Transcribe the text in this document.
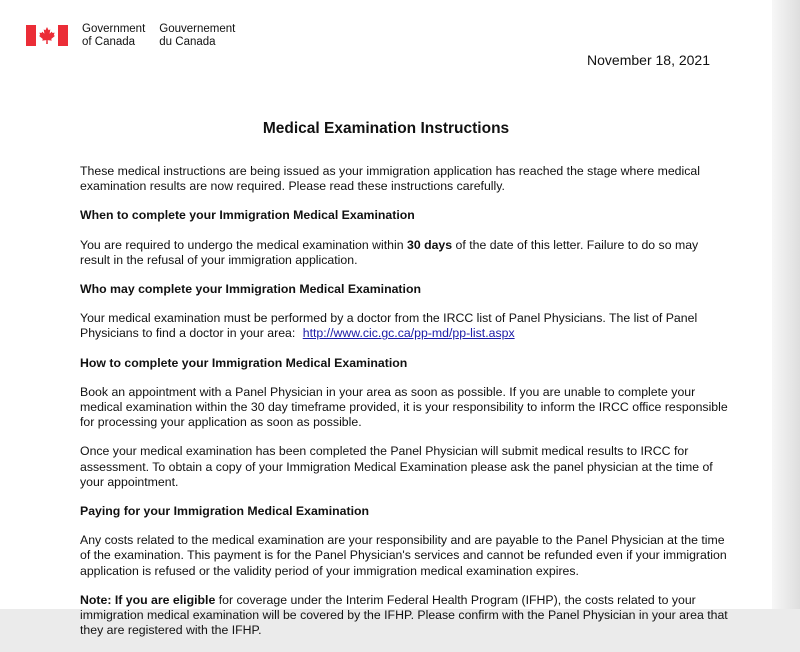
Government
of Canada
Gouvernement
du Canada
November 18, 2021
Medical Examination Instructions

These medical instructions are being issued as your immigration application has reached the stage where medical examination results are now required. Please read these instructions carefully.

When to complete your Immigration Medical Examination

You are required to undergo the medical examination within 30 days of the date of this letter. Failure to do so may result in the refusal of your immigration application.

Who may complete your Immigration Medical Examination

Your medical examination must be performed by a doctor from the IRCC list of Panel Physicians. The list of Panel Physicians to find a doctor in your area: http://www.cic.gc.ca/pp-md/pp-list.aspx

How to complete your Immigration Medical Examination

Book an appointment with a Panel Physician in your area as soon as possible. If you are unable to complete your medical examination within the 30 day timeframe provided, it is your responsibility to inform the IRCC office responsible for processing your application as soon as possible.

Once your medical examination has been completed the Panel Physician will submit medical results to IRCC for assessment. To obtain a copy of your Immigration Medical Examination please ask the panel physician at the time of your appointment.

Paying for your Immigration Medical Examination

Any costs related to the medical examination are your responsibility and are payable to the Panel Physician at the time of the examination. This payment is for the Panel Physician's services and cannot be refunded even if your immigration application is refused or the validity period of your immigration medical examination expires.

Note: If you are eligible for coverage under the Interim Federal Health Program (IFHP), the costs related to your immigration medical examination will be covered by the IFHP. Please confirm with the Panel Physician in your area that they are registered with the IFHP.
